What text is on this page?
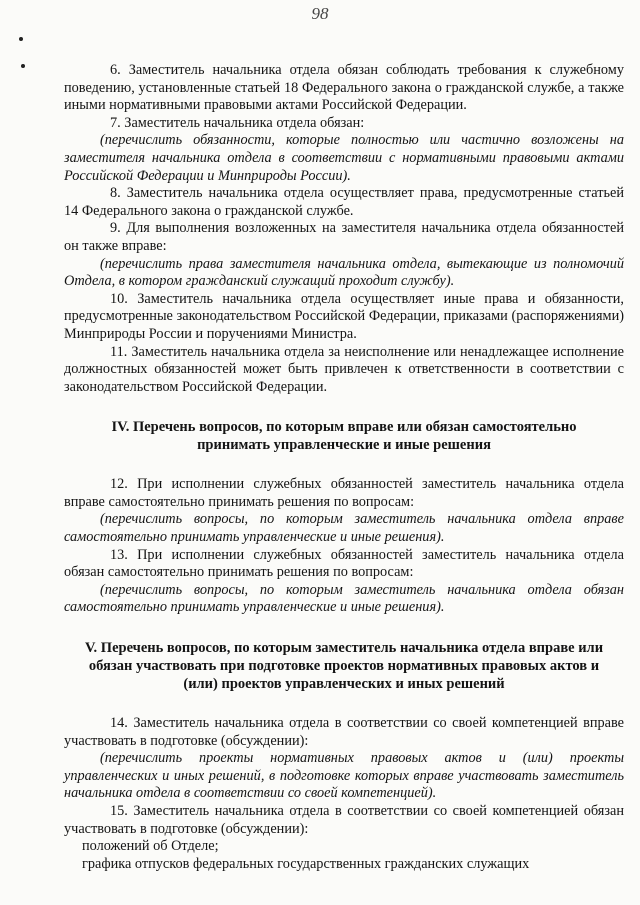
98

6. Заместитель начальника отдела обязан соблюдать требования к служебному поведению, установленные статьей 18 Федерального закона о гражданской службе, а также иными нормативными правовыми актами Российской Федерации.

7. Заместитель начальника отдела обязан:

(перечислить обязанности, которые полностью или частично возложены на заместителя начальника отдела в соответствии с нормативными правовыми актами Российской Федерации и Минприроды России).

8. Заместитель начальника отдела осуществляет права, предусмотренные статьей 14 Федерального закона о гражданской службе.

9. Для выполнения возложенных на заместителя начальника отдела обязанностей он также вправе:

(перечислить права заместителя начальника отдела, вытекающие из полномочий Отдела, в котором гражданский служащий проходит службу).

10. Заместитель начальника отдела осуществляет иные права и обязанности, предусмотренные законодательством Российской Федерации, приказами (распоряжениями) Минприроды России и поручениями Министра.

11. Заместитель начальника отдела за неисполнение или ненадлежащее исполнение должностных обязанностей может быть привлечен к ответственности в соответствии с законодательством Российской Федерации.

IV. Перечень вопросов, по которым вправе или обязан самостоятельно принимать управленческие и иные решения

12. При исполнении служебных обязанностей заместитель начальника отдела вправе самостоятельно принимать решения по вопросам:

(перечислить вопросы, по которым заместитель начальника отдела вправе самостоятельно принимать управленческие и иные решения).

13. При исполнении служебных обязанностей заместитель начальника отдела обязан самостоятельно принимать решения по вопросам:

(перечислить вопросы, по которым заместитель начальника отдела обязан самостоятельно принимать управленческие и иные решения).

V. Перечень вопросов, по которым заместитель начальника отдела вправе или обязан участвовать при подготовке проектов нормативных правовых актов и (или) проектов управленческих и иных решений

14. Заместитель начальника отдела в соответствии со своей компетенцией вправе участвовать в подготовке (обсуждении):

(перечислить проекты нормативных правовых актов и (или) проекты управленческих и иных решений, в подготовке которых вправе участвовать заместитель начальника отдела в соответствии со своей компетенцией).

15. Заместитель начальника отдела в соответствии со своей компетенцией обязан участвовать в подготовке (обсуждении):

положений об Отделе;

графика отпусков федеральных государственных гражданских служащих
